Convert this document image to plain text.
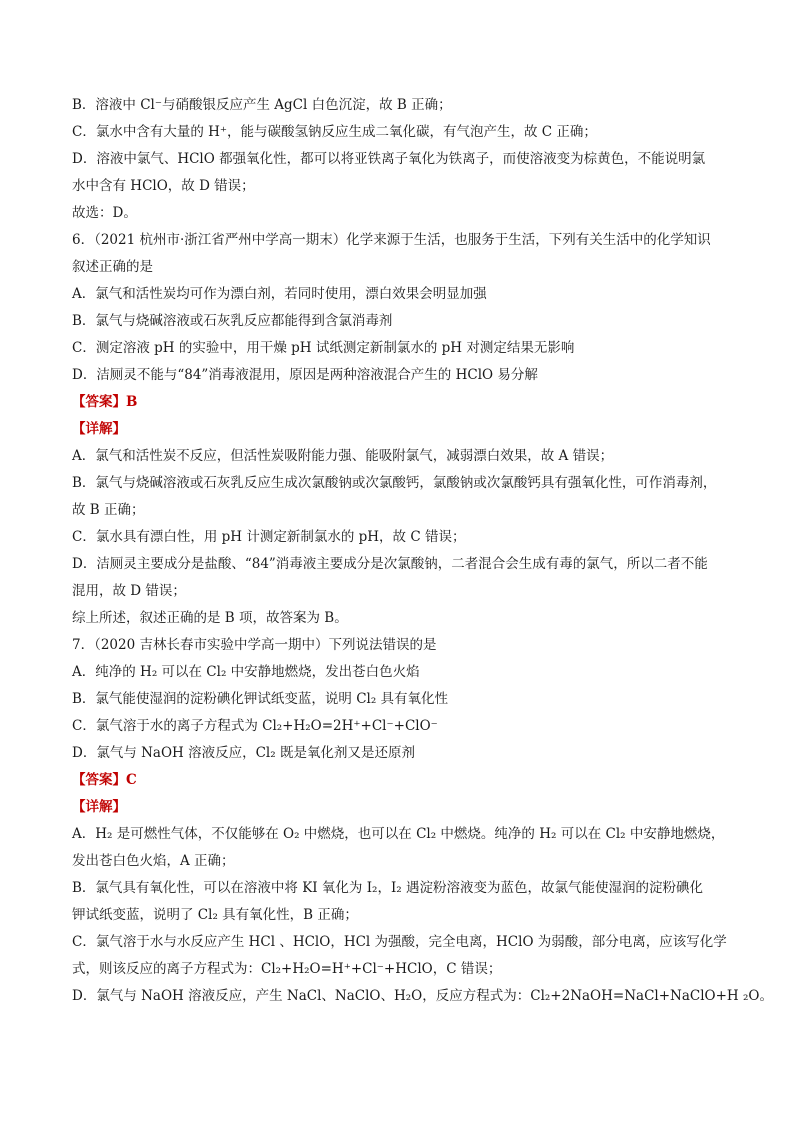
B．溶液中 Cl⁻与硝酸银反应产生 AgCl 白色沉淀，故 B 正确；
C．氯水中含有大量的 H⁺，能与碳酸氢钠反应生成二氧化碳，有气泡产生，故 C 正确；
D．溶液中氯气、HClO 都强氧化性，都可以将亚铁离子氧化为铁离子，而使溶液变为棕黄色，不能说明氯
水中含有 HClO，故 D 错误；
故选：D。
6．（2021 杭州市·浙江省严州中学高一期末）化学来源于生活，也服务于生活，下列有关生活中的化学知识
叙述正确的是
A．氯气和活性炭均可作为漂白剂，若同时使用，漂白效果会明显加强
B．氯气与烧碱溶液或石灰乳反应都能得到含氯消毒剂
C．测定溶液 pH 的实验中，用干燥 pH 试纸测定新制氯水的 pH 对测定结果无影响
D．洁厕灵不能与“84”消毒液混用，原因是两种溶液混合产生的 HClO 易分解
【答案】B
【详解】
A．氯气和活性炭不反应，但活性炭吸附能力强、能吸附氯气，减弱漂白效果，故 A 错误；
B．氯气与烧碱溶液或石灰乳反应生成次氯酸钠或次氯酸钙，氯酸钠或次氯酸钙具有强氧化性，可作消毒剂，
故 B 正确；
C．氯水具有漂白性，用 pH 计测定新制氯水的 pH，故 C 错误；
D．洁厕灵主要成分是盐酸、“84”消毒液主要成分是次氯酸钠，二者混合会生成有毒的氯气，所以二者不能
混用，故 D 错误；
综上所述，叙述正确的是 B 项，故答案为 B。
7．（2020 吉林长春市实验中学高一期中）下列说法错误的是
A．纯净的 H₂ 可以在 Cl₂ 中安静地燃烧，发出苍白色火焰
B．氯气能使湿润的淀粉碘化钾试纸变蓝，说明 Cl₂ 具有氧化性
C．氯气溶于水的离子方程式为 Cl₂+H₂O=2H⁺+Cl⁻+ClO⁻
D．氯气与 NaOH 溶液反应，Cl₂ 既是氧化剂又是还原剂
【答案】C
【详解】
A．H₂ 是可燃性气体，不仅能够在 O₂ 中燃烧，也可以在 Cl₂ 中燃烧。纯净的 H₂ 可以在 Cl₂ 中安静地燃烧，
发出苍白色火焰，A 正确；
B．氯气具有氧化性，可以在溶液中将 KI 氧化为 I₂，I₂ 遇淀粉溶液变为蓝色，故氯气能使湿润的淀粉碘化
钾试纸变蓝，说明了 Cl₂ 具有氧化性，B 正确；
C．氯气溶于水与水反应产生 HCl 、HClO，HCl 为强酸，完全电离，HClO 为弱酸，部分电离，应该写化学
式，则该反应的离子方程式为：Cl₂+H₂O=H⁺+Cl⁻+HClO，C 错误；
D．氯气与 NaOH 溶液反应，产生 NaCl、NaClO、H₂O，反应方程式为：Cl₂+2NaOH=NaCl+NaClO+H ₂O。
